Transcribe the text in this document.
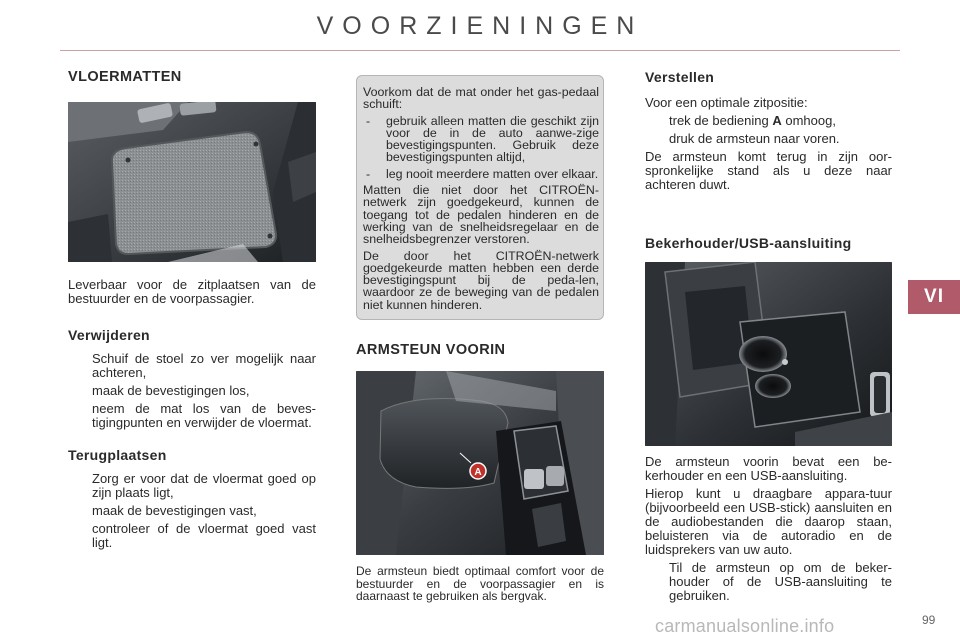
VOORZIENINGEN
VI
VLOERMATTEN

Leverbaar voor de zitplaatsen van de bestuurder en de voorpassagier.

Verwijderen
Schuif de stoel zo ver mogelijk naar achteren,
maak de bevestigingen los,
neem de mat los van de beves-tigingpunten en verwijder de vloermat.
Terugplaatsen
Zorg er voor dat de vloermat goed op zijn plaats ligt,
maak de bevestigingen vast,
controleer of de vloermat goed vast ligt.

Voorkom dat de mat onder het gas-pedaal schuift:

- gebruik alleen matten die geschikt zijn voor de in de auto aanwe-zige bevestigingspunten. Gebruik deze bevestigingspunten altijd,
- leg nooit meerdere matten over elkaar.

Matten die niet door het CITROËN-netwerk zijn goedgekeurd, kunnen de toegang tot de pedalen hinderen en de werking van de snelheidsregelaar en de snelheidsbegrenzer verstoren.

De door het CITROËN-netwerk goedgekeurde matten hebben een derde bevestigingspunt bij de peda-len, waardoor ze de beweging van de pedalen niet kunnen hinderen.

ARMSTEUN VOORIN
A

De armsteun biedt optimaal comfort voor de bestuurder en de voorpassagier en is daarnaast te gebruiken als bergvak.

Verstellen

Voor een optimale zitpositie:

trek de bediening A omhoog,
druk de armsteun naar voren.

De armsteun komt terug in zijn oor-spronkelijke stand als u deze naar achteren duwt.

Bekerhouder/USB-aansluiting

De armsteun voorin bevat een be-kerhouder en een USB-aansluiting.

Hierop kunt u draagbare appara-tuur (bijvoorbeeld een USB-stick) aansluiten en de audiobestanden die daarop staan, beluisteren via de autoradio en de luidsprekers van uw auto.

Til de armsteun op om de beker-houder of de USB-aansluiting te gebruiken.
99
carmanualsonline.info
